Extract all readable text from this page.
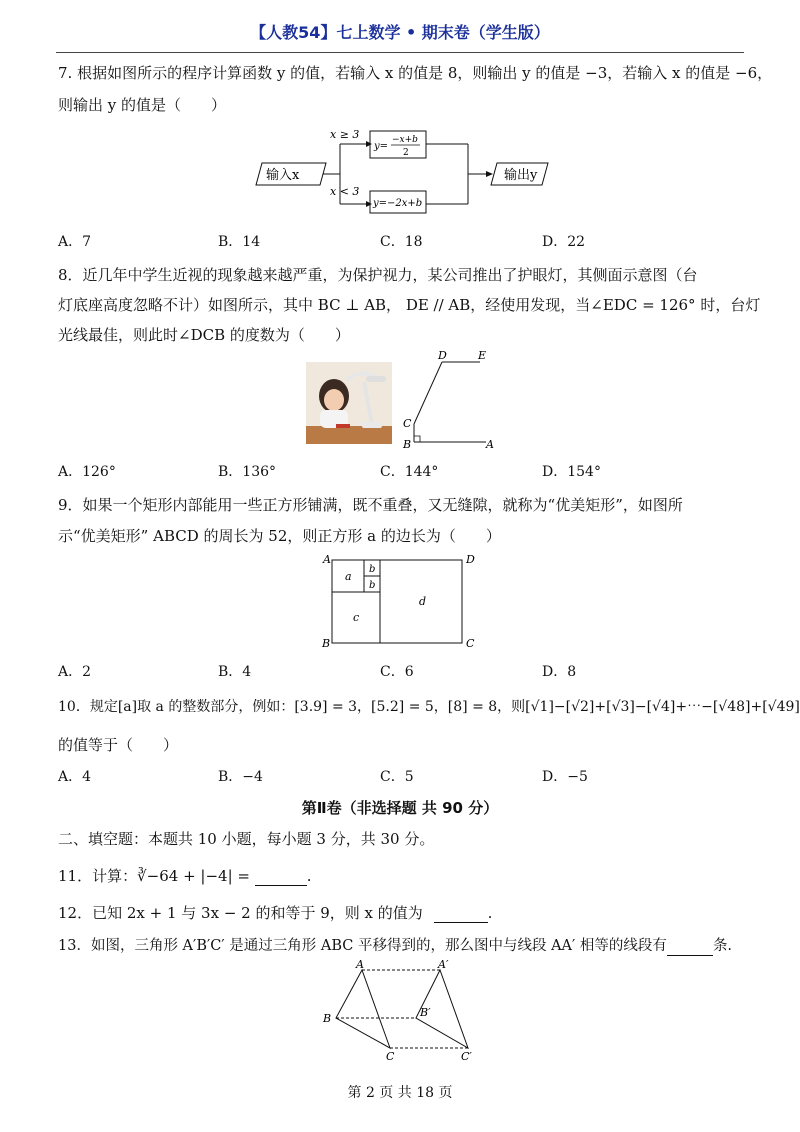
【人教54】七上数学 • 期末卷（学生版）
7. 根据如图所示的程序计算函数 y 的值，若输入 x 的值是 8，则输出 y 的值是 −3，若输入 x 的值是 −6，
则输出 y 的值是（　　）
输入x
x ≥ 3
x < 3
y=
−x+b
2
y=−2x+b
输出y
A．7	B．14	C．18	D．22
8．近几年中学生近视的现象越来越严重，为保护视力，某公司推出了护眼灯，其侧面示意图（台
灯底座高度忽略不计）如图所示，其中 BC ⊥ AB， DE // AB，经使用发现，当∠EDC = 126° 时，台灯
光线最佳，则此时∠DCB 的度数为（　　）
D	E
C
B	A
A．126°	B．136°	C．144°	D．154°
9．如果一个矩形内部能用一些正方形铺满，既不重叠，又无缝隙，就称为“优美矩形”，如图所
示“优美矩形” ABCD 的周长为 52，则正方形 a 的边长为（　　）
A	D
B	C
a
b
b
c
d
A．2	B．4	C．6	D．8
10．规定[a]取 a 的整数部分，例如：[3.9] = 3，[5.2] = 5，[8] = 8，则[√1]−[√2]+[√3]−[√4]+⋯−[√48]+[√49]
的值等于（　　）
A．4	B．−4	C．5	D．−5
第Ⅱ卷（非选择题 共 90 分）
二、填空题：本题共 10 小题，每小题 3 分，共 30 分。
11．计算：∛−64 + |−4| =	.
12．已知 2x + 1 与 3x − 2 的和等于 9，则 x 的值为	.
13．如图，三角形 A′B′C′ 是通过三角形 ABC 平移得到的，那么图中与线段 AA′ 相等的线段有	条.
A	A′
B	B′
C	C′
第 2 页 共 18 页
